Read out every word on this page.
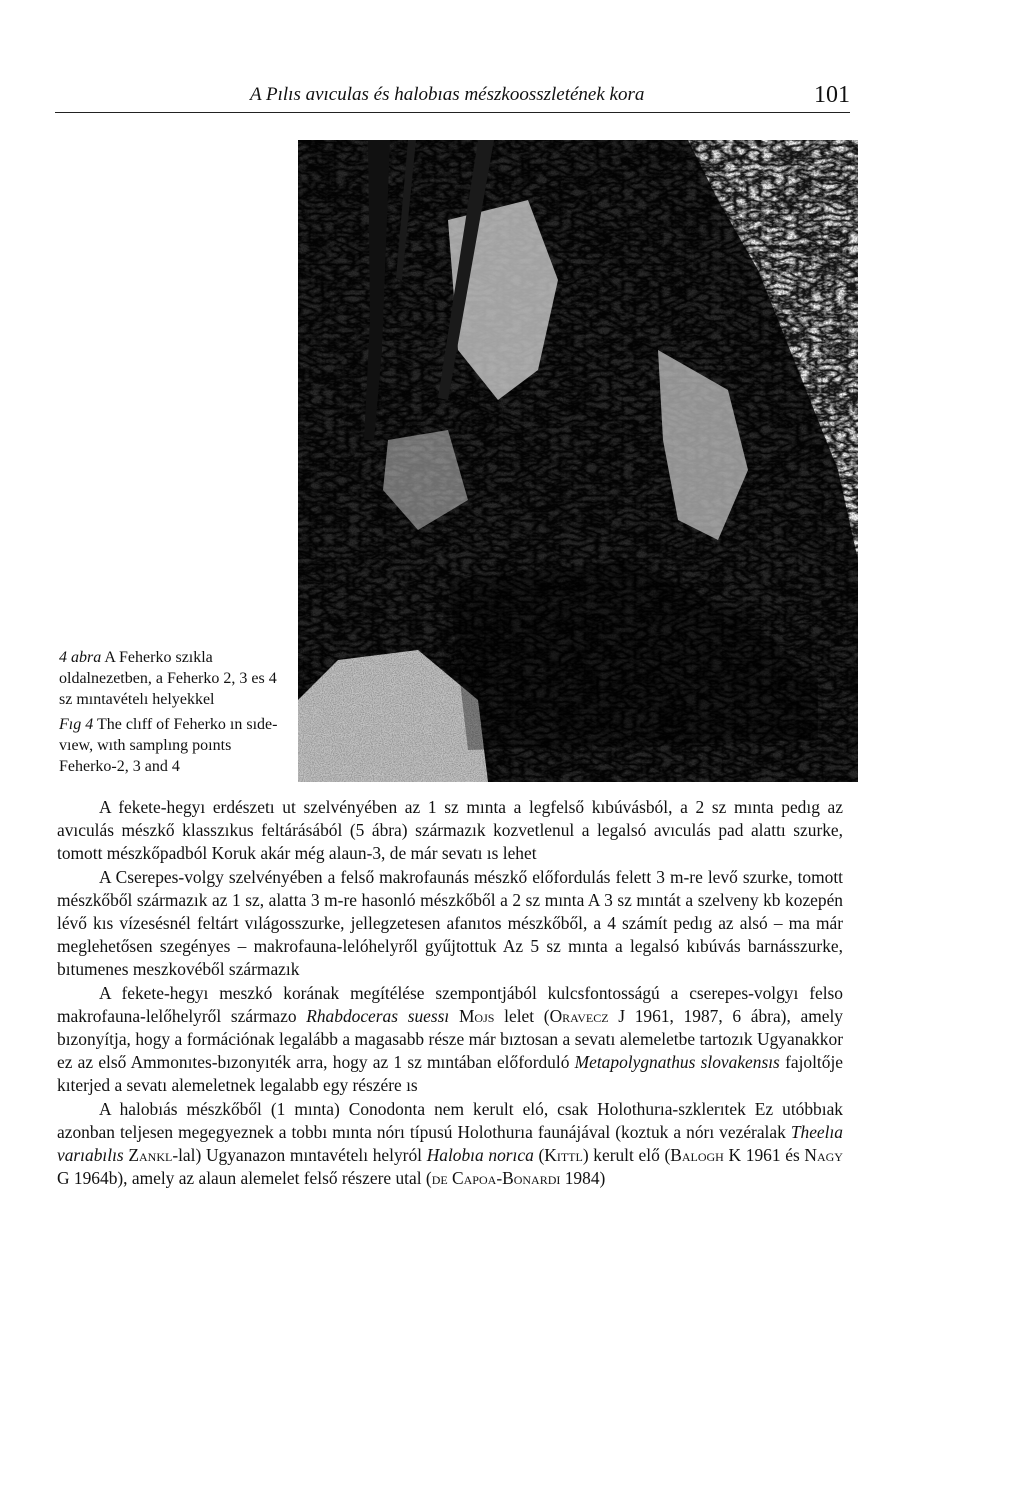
A Pılıs avıculas és halobıas mészkoosszletének kora	101
4 abra A Feherko szıkla oldalnezetben, a Feherko 2, 3 es 4 sz mıntavételı helyekkel
Fıg 4 The clıff of Feherko ın sıde-vıew, wıth samplıng poınts Feherko-2, 3 and 4

A fekete-hegyı erdészetı ut szelvényében az 1 sz mınta a legfelső kıbúvásból, a 2 sz mınta pedıg az avıculás mészkő klasszıkus feltárásából (5 ábra) származık kozvetlenul a legalsó avıculás pad alattı szurke, tomott mészkőpadból Koruk akár még alaun-3, de már sevatı ıs lehet

A Cserepes-volgy szelvényében a felső makrofaunás mészkő előfordulás felett 3 m-re levő szurke, tomott mészkőből származık az 1 sz, alatta 3 m-re hasonló mészkőből a 2 sz mınta A 3 sz mıntát a szelveny kb kozepén lévő kıs vízesésnél feltárt vılágosszurke, jellegzetesen afanıtos mészkőből, a 4 számít pedıg az alsó – ma már meglehetősen szegényes – makrofauna-lelóhelyről gyűjtottuk Az 5 sz mınta a legalsó kıbúvás barnásszurke, bıtumenes meszkovéből származık

A fekete-hegyı meszkó korának megítélése szempontjából kulcsfontosságú a cserepes-volgyı felso makrofauna-lelőhelyről származo Rhabdoceras suessı Mojs lelet (Oravecz J 1961, 1987, 6 ábra), amely bızonyítja, hogy a formációnak legalább a magasabb része már bıztosan a sevatı alemeletbe tartozık Ugyanakkor ez az első Ammonıtes-bızonyıték arra, hogy az 1 sz mıntában előforduló Metapolygnathus slovakensıs fajoltője kıterjed a sevatı alemeletnek legalabb egy részére ıs

A halobıás mészkőből (1 mınta) Conodonta nem kerult eló, csak Holothurıa-szklerıtek Ez utóbbıak azonban teljesen megegyeznek a tobbı mınta nórı típusú Holothurıa faunájával (koztuk a nórı vezéralak Theelıa varıabılıs Zankl-lal) Ugyanazon mıntavételı helyról Halobıa norıca (Kıttl) kerult elő (Balogh K 1961 és Nagy G 1964b), amely az alaun alemelet felső részere utal (de Capoa-Bonardı 1984)
